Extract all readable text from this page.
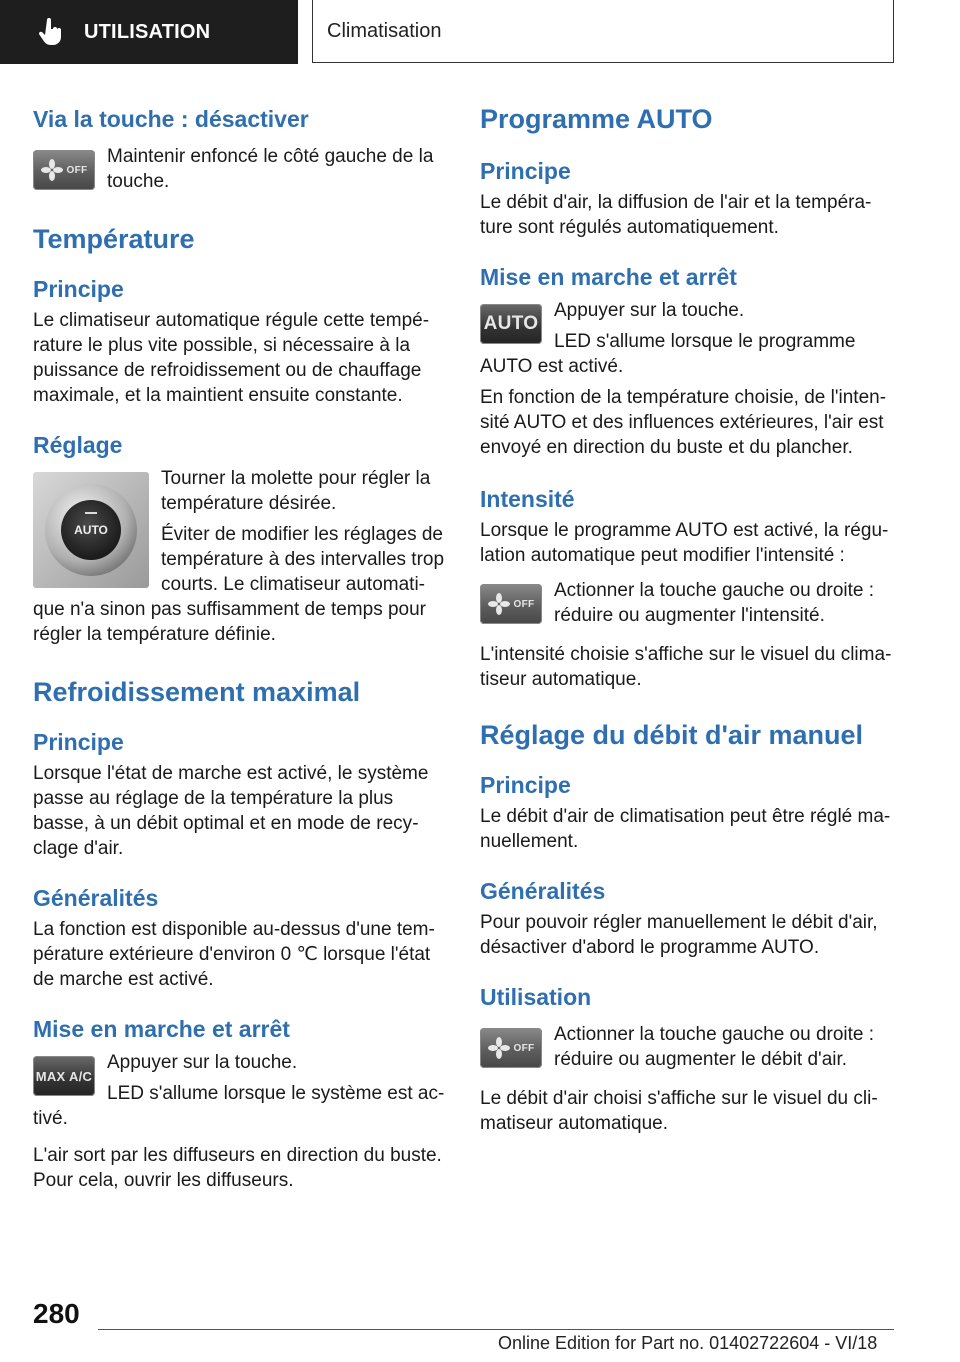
UTILISATION	Climatisation
Via la touche : désactiver
OFF

Maintenir enfoncé le côté gauche de la touche.

Température
Principe

Le climatiseur automatique régule cette température le plus vite possible, si nécessaire à la puissance de refroidissement ou de chauffage maximale, et la maintient ensuite constante.

Réglage
AUTO

Tourner la molette pour régler la température désirée.

Éviter de modifier les réglages de température à des intervalles trop courts. Le climatiseur automatique n'a sinon pas suffisamment de temps pour régler la température définie.

Refroidissement maximal
Principe

Lorsque l'état de marche est activé, le système passe au réglage de la température la plus basse, à un débit optimal et en mode de recyclage d'air.

Généralités

La fonction est disponible au-dessus d'une température extérieure d'environ 0 ℃ lorsque l'état de marche est activé.

Mise en marche et arrêt
MAX A/C

Appuyer sur la touche.

LED s'allume lorsque le système est activé.

L'air sort par les diffuseurs en direction du buste. Pour cela, ouvrir les diffuseurs.

Programme AUTO
Principe

Le débit d'air, la diffusion de l'air et la température sont régulés automatiquement.

Mise en marche et arrêt
AUTO

Appuyer sur la touche.

LED s'allume lorsque le programme AUTO est activé.

En fonction de la température choisie, de l'intensité AUTO et des influences extérieures, l'air est envoyé en direction du buste et du plancher.

Intensité

Lorsque le programme AUTO est activé, la régulation automatique peut modifier l'intensité :

OFF

Actionner la touche gauche ou droite : réduire ou augmenter l'intensité.

L'intensité choisie s'affiche sur le visuel du climatiseur automatique.

Réglage du débit d'air manuel
Principe

Le débit d'air de climatisation peut être réglé manuellement.

Généralités

Pour pouvoir régler manuellement le débit d'air, désactiver d'abord le programme AUTO.

Utilisation
OFF

Actionner la touche gauche ou droite : réduire ou augmenter le débit d'air.

Le débit d'air choisi s'affiche sur le visuel du climatiseur automatique.

280
Online Edition for Part no. 01402722604 - VI/18
